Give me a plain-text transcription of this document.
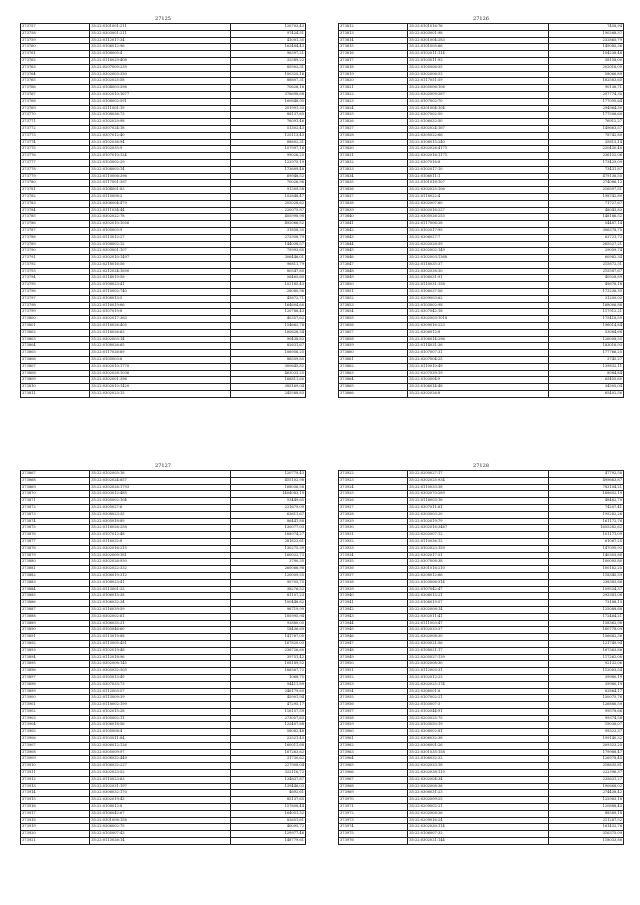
27125
373757	35:22:0101001:211	120703,43
373758	35:22:0303001:211	97424,51
373759	35:22:0112017:34	41001,35
373760	35:22:0106012:96	162484,43
373761	35:22:0108005:4	96397,21
373762	35:22:0116029:408	32589,22
373763	35:22:0207009:239	85902,31
373764	35:22:0302003:350	100325,16
373765	35:22:0102025:58	88807,31
373766	35:22:0104003:396	70626,16
373767	35:22:0302010:1677	376698,68
373768	35:22:0108002:591	160848,95
373769	35:22:0111001:19	201991,33
373770	35:22:0108036:73	88137,65
373771	35:22:0102029:98	76091,46
373772	35:22:0307024:18	51302,43
373773	35:22:0307012:40	125113,43
373774	35:22:0102036:94	88602,31
373775	35:22:0102035:9	107997,16
373776	35:22:0107010:124	99026,25
373777	35:22:0103002:29	122975,19
373778	35:22:0108003:14	173609,48
373779	35:22:0110006:396	69948,52
373780	35:22:0117001:397	70026,96
373781	35:22:0104001:83	91309,58
373782	35:22:0110008:3	102848,47
373783	35:22:0306004:479	205028,62
373784	35:22:0111034:44	220075,87
373785	35:22:0302022:78	405998,98
373786	35:22:0302010:1056	492066,52
373787	35:22:0105003:9	31858,35
373788	35:22:0113012:27	272958,79
373789	35:22:0108002:12	144038,57
373790	35:22:0303001:107	75993,65
373791	35:22:0302010:1497	306446,01
373792	35:22:0218016:56	96811,79
373793	35:22:0212024:1690	80547,80
373794	35:22:0114019:58	56465,60
373795	35:22:0108023:41	102185,43
373796	35:22:0110002:740	28080,96
373797	35:22:0108013:5	45872,71
373798	35:22:0116019:66	164604,60
373799	35:22:0107019:8	120788,43
373800	35:22:0302017:363	40357,62
373801	35:22:0116026:405	154662,78
373802	35:22:0116026:63	160628,34
373803	35:22:0302003:14	90438,82
373804	35:22:0108026:65	82631,67
373805	35:22:0117026:69	106956,25
373806	35:22:0105003:6	86559,85
373807	35:22:0302010:1770	300645,82
373808	35:22:0302028:1036	463033,25
373809	35:22:0302001:396	166811,60
373810	35:22:0302010:1420	385169,04
373811	35:22:0302023:15	245588,83
27126
373812	35:22:0101016:76	7458,94
373813	35:22:0303001:98	190268,37
373814	35:22:0301004:283	232865,79
373815	35:22:0101005:66	149085,36
373816	35:22:0102011:114	104238,48
373817	35:22:0103011:93	58158,00
373818	35:22:0105006:55	202016,09
373819	35:22:0302006:53	58066,89
373820	35:22:0117051:59	182583,65
373821	35:22:0305006:106	90136,71
373822	35:22:0302009:287	297774,35
373823	35:22:0107002:70	177095,64
373824	35:22:0301004:104	294964,30
373825	35:22:0307002:50	177506,60
373826	35:22:0106032:50	76912,27
373827	35:22:0302024:167	149663,57
373828	35:22:0305022:66	78742,80
373829	35:22:0106015:240	35813,14
373830	35:22:0302026:4171	220450,40
373831	35:22:0302016:1171	236152,06
373832	35:22:0307016:8	173429,09
373833	35:22:0102017:10	73431,87
373834	35:22:0106011:1	479136,55
373835	35:22:0101018:107	274086,12
373836	35:22:0302025:106	216597,51
373837	35:22:0118022:4	198742,80
373838	35:22:0302007:60	71727,67
373839	35:22:0302016:227	48043,83
373840	35:22:0305026:253	148186,52
373841	35:22:0117006:28	54487,14
373842	35:22:0102017:95	306378,75
373843	35:22:0306027:7	63721,73
373844	35:22:0202028:59	285527,21
373845	35:22:0302002:149	29059,74
373846	35:22:0102003:1368	60982,34
373847	35:22:0118035:37	215872,31
373848	35:22:0302038:30	215587,67
373849	35:22:0106031:91	40928,89
373850	35:22:0110031:158	49676,18
373851	35:22:0106037:56	173236,35
373852	35:22:0209003:62	31200,03
373853	35:22:0103002:98	168006,88
373854	35:22:0307042:18	117912,21
373855	35:22:0302003:1018	175416,59
373856	35:22:0309016:223	196014,84
373857	35:22:0306012:8	53084,68
373858	35:22:0106014:296	126008,55
373859	35:22:0114031:36	183016,93
373860	35:22:0107007:31	177766,25
373861	35:22:0207004:25	3745,27
373862	35:22:0110010:49	139832,11
373863	35:22:0207039:19	8084,84
373864	35:22:0103004:9	65455,60
373865	35:22:0106014:48	34505,04
373866	35:22:0302026:8	65402,56
27127
373867	35:22:0102005:16	120779,43
373868	35:22:0302024:657	455102,98
373869	35:22:0302026:1793	168036,58
373870	35:22:0203012:485	1404083,19
373871	35:22:0305002:104	53449,65
373872	35:22:0305027:6	221679,09
373873	35:22:0308023:35	63611,67
373874	35:22:0305018:89	86441,88
373875	35:22:0116026:258	130077,03
373876	35:22:0107012:48	168974,27
373877	35:22:0116032:8	281823,61
373878	35:22:0302016:215	130275,39
373879	35:22:0302009:181	160022,73
373880	35:22:0302026:930	3790,35
373881	35:22:0302022:332	260066,98
373882	35:22:0106019:312	120009,55
373883	35:22:0108023:41	90705,75
373884	35:22:0113001:33	38276,52
373885	35:22:0106015:38	81107,23
373886	35:22:0106032:34	100448,82
373887	35:22:0116039:59	96719,99
373888	35:22:0302002:61	185995,94
373889	35:22:0106035:31	92880,05
373890	35:22:0103046:60	18436,69
373891	35:22:0113019:88	141767,05
373892	35:22:0113005:451	167820,03
373893	35:22:0102019:48	236726,60
373894	35:22:0112018:96	39751,42
373895	35:22:0302008:145	108189,52
373896	35:22:0305032:305	166567,72
373897	35:22:0103013:49	1068,75
373898	35:22:0307033:73	94411,89
373899	35:22:0112003:57	246179,60
373900	35:22:0113009:39	45901,94
373901	35:22:0118002:199	47295,17
373902	35:22:0102015:28	116157,59
373903	35:22:0105002:11	273057,63
373904	35:22:0106018:56	125407,68
373905	35:22:0105008:4	58082,48
373906	35:22:0103011:84	22521,43
373907	35:22:0306012:126	160011,68
373908	35:22:0305009:97	167263,62
373909	35:22:0208032:449	31730,62
373910	35:22:0106032:227	227908,04
373911	35:22:0302023:52	322116,72
373912	35:22:0110023:63	134837,87
373913	35:22:0102031:197	139446,03
373914	35:22:0306032:170	4692,61
373915	35:22:0302019:43	85137,65
373916	35:22:0108012:8	157808,44
373917	35:22:0106042:67	164051,52
373918	35:22:0301008:158	82651,61
373919	35:22:0306002:75	40095,72
373920	35:22:0105007:43	129977,46
373921	35:22:0113026:14	148779,61
27128
373922	35:22:0209027:17	47792,58
373923	35:22:0302025:934	499663,87
373924	35:22:0110033:38	783104,21
373925	35:22:0302070:289	168602,19
373926	35:22:0116003:16	48462,70
373927	35:22:0307011:61	74207,41
373928	35:22:0303003:20	195282,26
373929	35:22:0102019:79	161172,76
373930	35:22:0302016:3467	1655282,62
373931	35:22:0202007:12	101171,09
373932	35:22:0110036:12	61067,25
373933	35:22:0102023:159	147095,93
373934	35:22:0302017:51	140303,80
373935	35:22:0307008:38	100095,80
373936	35:22:0301016:210	100162,25
373937	35:22:0208012:66	118345,59
373938	35:22:0103006:514	238383,66
373939	35:22:0107042:47	109534,37
373940	35:22:0306015:21	293381,08
373941	35:22:0106019:57	73188,15
373942	35:22:0302008:14	125088,68
373943	35:22:0302011:41	172464,21
373944	35:22:0111003:47	158362,98
373945	35:22:0102033:37	160778,09
373946	35:22:0302008:30	156682,36
373947	35:22:0303021:56	121749,94
373948	35:22:0108021:17	167363,88
373949	35:22:0205027:139	117262,08
373950	35:22:0302008:30	92132,06
373951	35:22:0112003:31	112003,54
373952	35:22:0102012:23	39980,19
373953	35:22:0302025:174	39980,19
373954	35:22:0306001:8	62864,17
373955	35:22:0107002:21	150075,76
373956	35:22:0103007:3	126886,59
373957	35:22:0102044:91	99578,66
373958	35:22:0203025:75	99374,58
373959	35:22:0103050:19	19036,07
373960	35:22:0308002:81	99323,37
373961	35:22:0306032:38	199140,32
373962	35:22:0306001:26	209323,25
373963	35:22:0301035:158	179988,47
373964	35:22:0106032:32	126978,45
373965	35:22:0202033:18	218835,81
373966	35:22:0302038:119	222396,37
373967	35:22:0302004:34	235631,27
373968	35:22:0302008:36	190668,02
373969	35:22:0306031:23	274438,42
373970	35:22:0302009:25	122983,18
373971	35:22:0209002:21	120888,43
373972	35:22:0202008:26	88589,18
373973	35:22:0209016:24	211287,52
373974	35:22:0302030:114	161432,76
373975	35:22:0106007:32	316375,09
373976	35:22:0302021:144	118033,88
